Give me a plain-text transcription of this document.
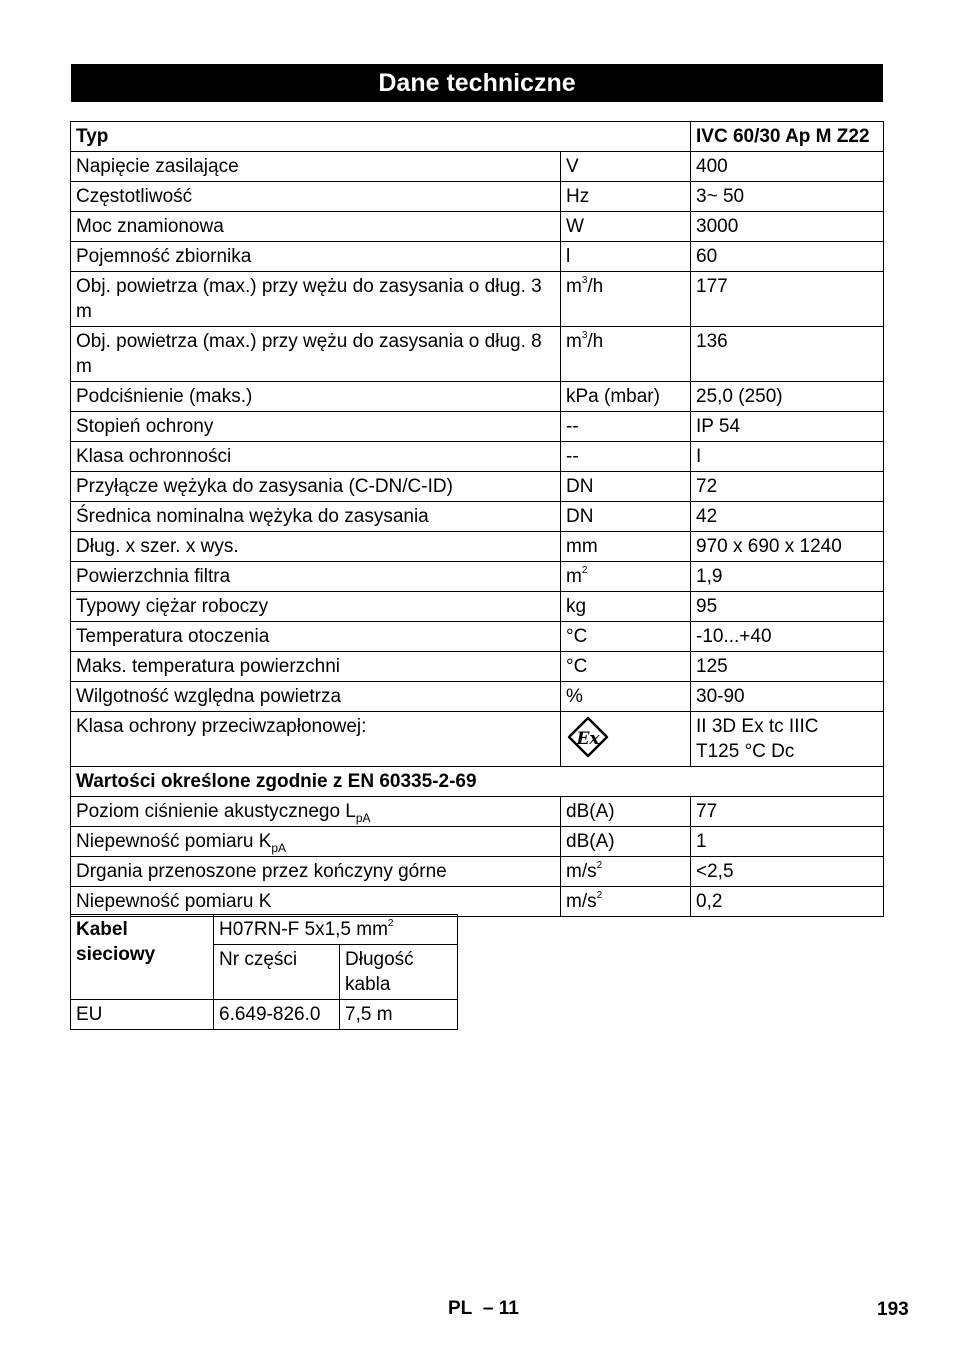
Dane techniczne
Typ		IVC 60/30 Ap M Z22
Napięcie zasilające	V	400
Częstotliwość	Hz	3~ 50
Moc znamionowa	W	3000
Pojemność zbiornika	l	60
Obj. powietrza (max.) przy wężu do zasysania o dług. 3 m	$m^3/h$	177
Obj. powietrza (max.) przy wężu do zasysania o dług. 8 m	$m^3/h$	136
Podciśnienie (maks.)	kPa (mbar)	25,0 (250)
Stopień ochrony	--	IP 54
Klasa ochronności	--	I
Przyłącze wężyka do zasysania (C-DN/C-ID)	DN	72
Średnica nominalna wężyka do zasysania	DN	42
Dług. x szer. x wys.	mm	970 x 690 x 1240
Powierzchnia filtra	$m^2$	1,9
Typowy ciężar roboczy	kg	95
Temperatura otoczenia	°C	-10...+40
Maks. temperatura powierzchni	°C	125
Wilgotność względna powietrza	%	30-90
Klasa ochrony przeciwzapłonowej:	Ex	II 3D Ex tc IIIC
T125 °C Dc
Wartości określone zgodnie z EN 60335-2-69		
Poziom ciśnienie akustycznego $L_{pA}$	dB(A)	77
Niepewność pomiaru $K_{pA}$	dB(A)	1
Drgania przenoszone przez kończyny górne	$m/s^2$	<2,5
Niepewność pomiaru K	$m/s^2$	0,2
Kabel sieciowy	H07RN-F 5x1,5 $mm^2$
	Nr części	Długość kabla
EU	6.649-826.0	7,5 m
PL – 11	193
